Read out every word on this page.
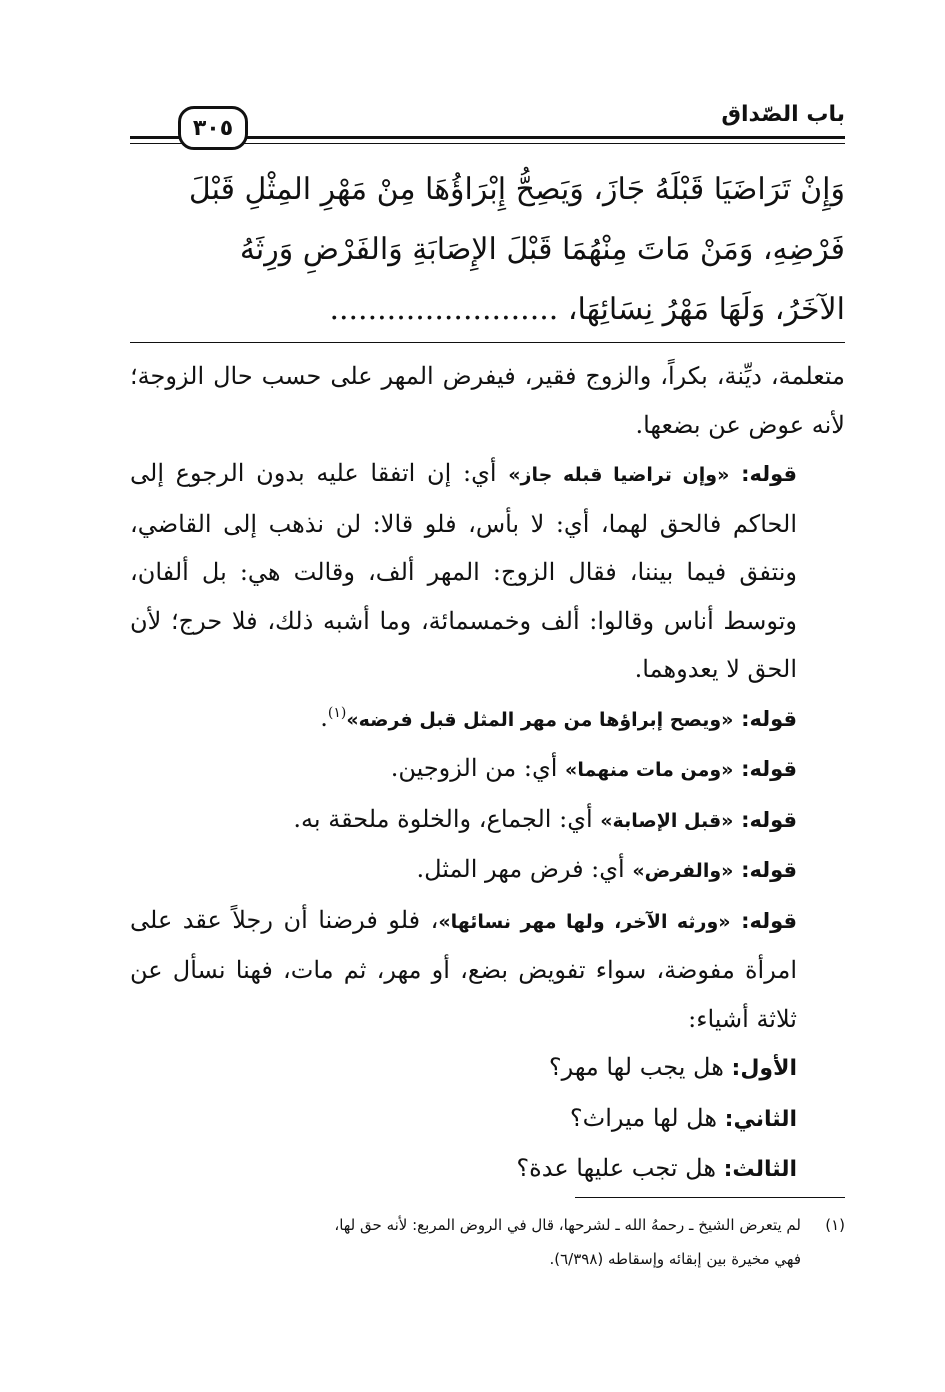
باب الصّداق
٣٠٥
وَإِنْ تَرَاضَيَا قَبْلَهُ جَازَ، وَيَصِحُّ إِبْرَاؤُهَا مِنْ مَهْرِ المِثْلِ قَبْلَ
فَرْضِهِ، وَمَنْ مَاتَ مِنْهُمَا قَبْلَ الإِصَابَةِ وَالفَرْضِ وَرِثَهُ
الآخَرُ، وَلَهَا مَهْرُ نِسَائِهَا، ........................

متعلمة، ديِّنة، بكراً، والزوج فقير، فيفرض المهر على حسب حال الزوجة؛ لأنه عوض عن بضعها.

قوله: «وإن تراضيا قبله جاز» أي: إن اتفقا عليه بدون الرجوع إلى الحاكم فالحق لهما، أي: لا بأس، فلو قالا: لن نذهب إلى القاضي، ونتفق فيما بيننا، فقال الزوج: المهر ألف، وقالت هي: بل ألفان، وتوسط أناس وقالوا: ألف وخمسمائة، وما أشبه ذلك، فلا حرج؛ لأن الحق لا يعدوهما.

قوله: «ويصح إبراؤها من مهر المثل قبل فرضه»$^{(١)}$.

قوله: «ومن مات منهما» أي: من الزوجين.

قوله: «قبل الإصابة» أي: الجماع، والخلوة ملحقة به.

قوله: «والفرض» أي: فرض مهر المثل.

قوله: «ورثه الآخر، ولها مهر نسائها»، فلو فرضنا أن رجلاً عقد على امرأة مفوضة، سواء تفويض بضع، أو مهر، ثم مات، فهنا نسأل عن ثلاثة أشياء:

الأول: هل يجب لها مهر؟

الثاني: هل لها ميراث؟

الثالث: هل تجب عليها عدة؟

(١)لم يتعرض الشيخ ـ رحمهُ الله ـ لشرحها، قال في الروض المربع: لأنه حق لها،
فهي مخيرة بين إبقائه وإسقاطه (٦/٣٩٨).
